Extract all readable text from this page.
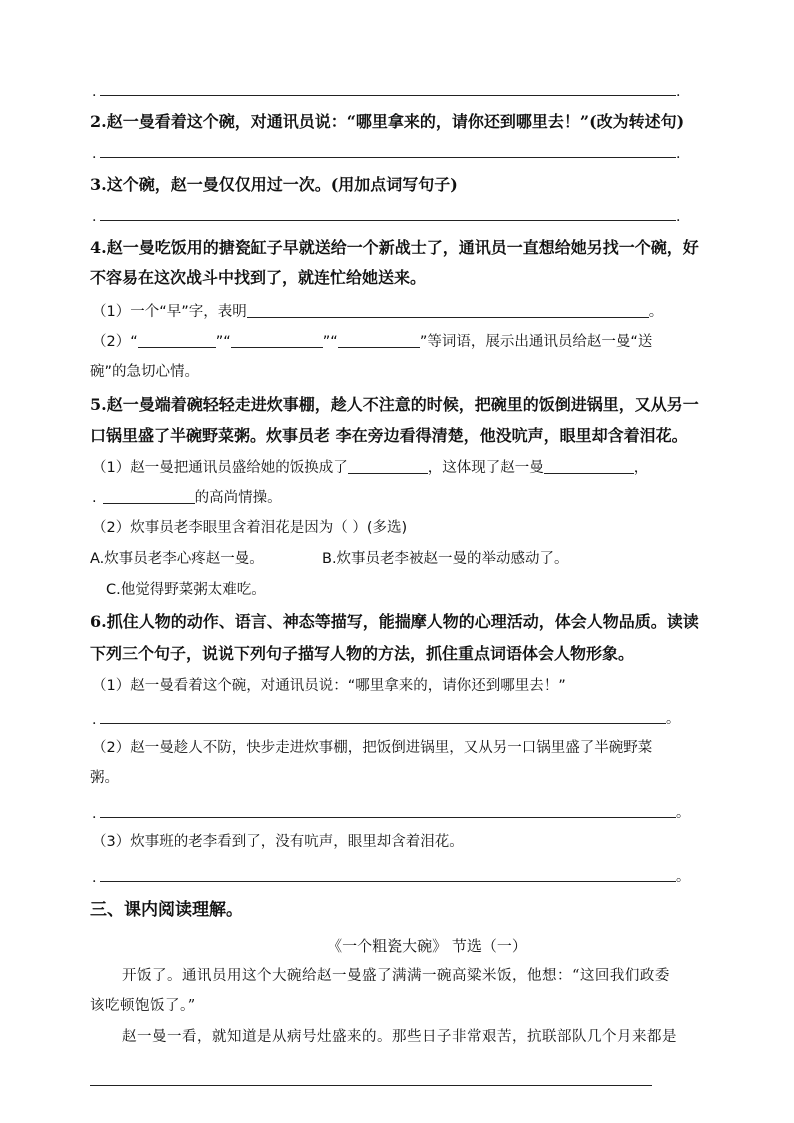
.	.
2.赵一曼看着这个碗，对通讯员说：“哪里拿来的，请你还到哪里去！”(改为转述句)
.	.
3.这个碗，赵一曼仅仅用过一次。(用加点词写句子)
.	.
4.赵一曼吃饭用的搪瓷缸子早就送给一个新战士了，通讯员一直想给她另找一个碗，好
不容易在这次战斗中找到了，就连忙给她送来。
（1）一个“早”字，表明	。
（2）“	”“	”“	”等词语，展示出通讯员给赵一曼“送
碗”的急切心情。
5.赵一曼端着碗轻轻走进炊事棚，趁人不注意的时候，把碗里的饭倒进锅里，又从另一
口锅里盛了半碗野菜粥。炊事员老 李在旁边看得清楚，他没吭声，眼里却含着泪花。
（1）赵一曼把通讯员盛给她的饭换成了	，这体现了赵一曼	，
.	的高尚情操。
（2）炊事员老李眼里含着泪花是因为（ ）(多选)
A.炊事员老李心疼赵一曼。	B.炊事员老李被赵一曼的举动感动了。
C.他觉得野菜粥太难吃。
6.抓住人物的动作、语言、神态等描写，能揣摩人物的心理活动，体会人物品质。读读
下列三个句子，说说下列句子描写人物的方法，抓住重点词语体会人物形象。
（1）赵一曼看着这个碗，对通讯员说：“哪里拿来的，请你还到哪里去！”
.	。
（2）赵一曼趁人不防，快步走进炊事棚，把饭倒进锅里，又从另一口锅里盛了半碗野菜
粥。
.	。
（3）炊事班的老李看到了，没有吭声，眼里却含着泪花。
.	。
三、课内阅读理解。
《一个粗瓷大碗》 节选（一）
开饭了。通讯员用这个大碗给赵一曼盛了满满一碗高粱米饭，他想：“这回我们政委
该吃顿饱饭了。”
赵一曼一看，就知道是从病号灶盛来的。那些日子非常艰苦，抗联部队几个月来都是
